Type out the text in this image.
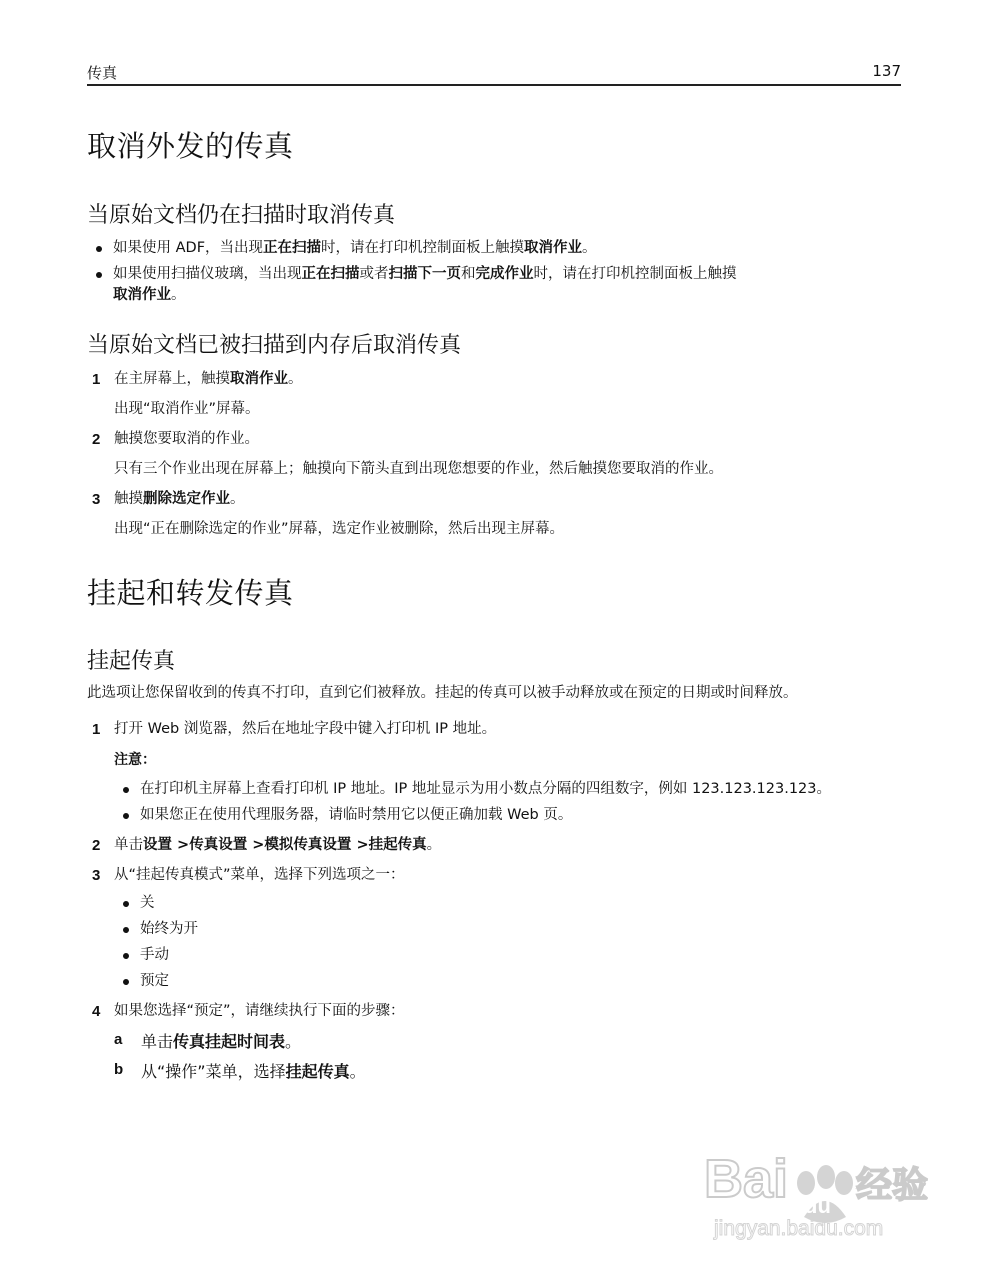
传真	137
取消外发的传真
当原始文档仍在扫描时取消传真
如果使用 ADF，当出现正在扫描时，请在打印机控制面板上触摸取消作业。
如果使用扫描仪玻璃，当出现正在扫描或者扫描下一页和完成作业时，请在打印机控制面板上触摸
取消作业。
当原始文档已被扫描到内存后取消传真
1 在主屏幕上，触摸取消作业。
出现“取消作业”屏幕。
2 触摸您要取消的作业。
只有三个作业出现在屏幕上；触摸向下箭头直到出现您想要的作业，然后触摸您要取消的作业。
3 触摸删除选定作业。
出现“正在删除选定的作业”屏幕，选定作业被删除，然后出现主屏幕。
挂起和转发传真
挂起传真

此选项让您保留收到的传真不打印，直到它们被释放。挂起的传真可以被手动释放或在预定的日期或时间释放。

1 打开 Web 浏览器，然后在地址字段中键入打印机 IP 地址。
注意：
在打印机主屏幕上查看打印机 IP 地址。IP 地址显示为用小数点分隔的四组数字，例如 123.123.123.123。
如果您正在使用代理服务器，请临时禁用它以便正确加载 Web 页。
2 单击设置 >传真设置 >模拟传真设置 >挂起传真。
3 从“挂起传真模式”菜单，选择下列选项之一：
关
始终为开
手动
预定
4 如果您选择“预定”，请继续执行下面的步骤：
a 单击传真挂起时间表。
b 从“操作”菜单，选择挂起传真。
Bai du 经验
jingyan.baidu.com
